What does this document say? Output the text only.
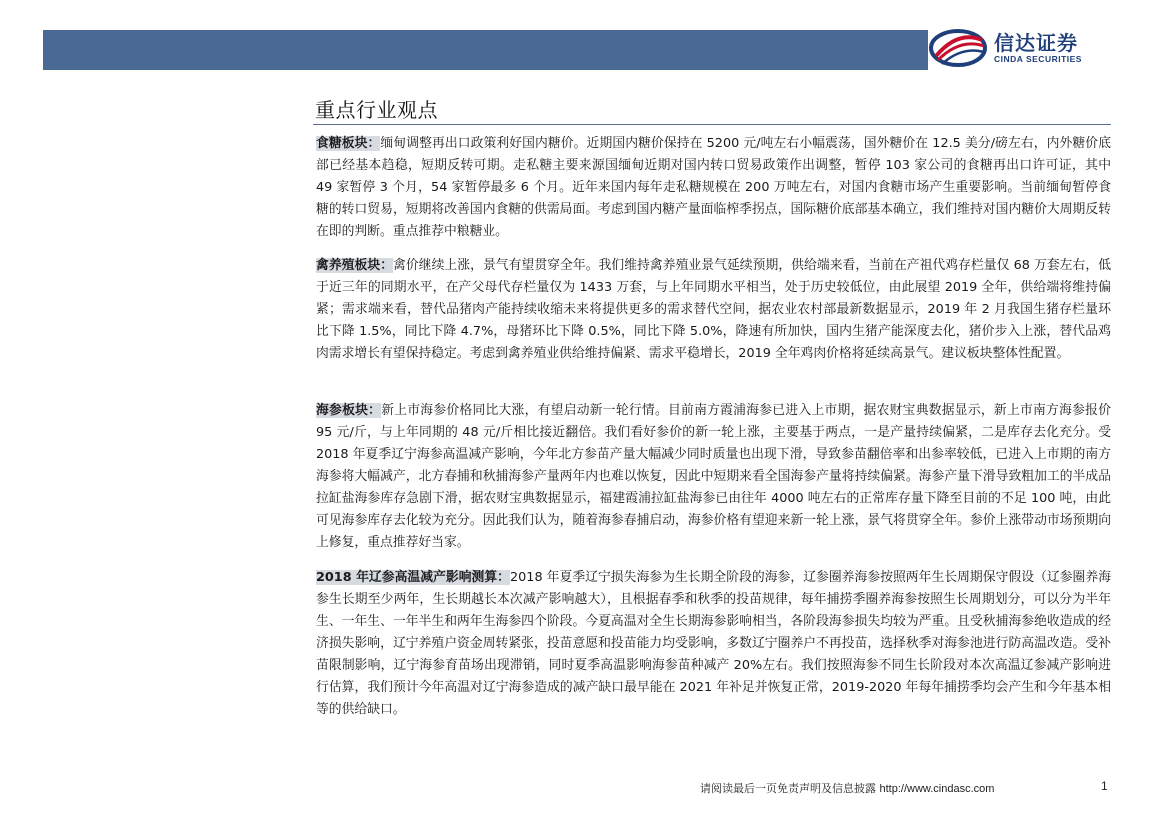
信达证券
CINDA SECURITIES
重点行业观点
食糖板块：缅甸调整再出口政策利好国内糖价。近期国内糖价保持在 5200 元/吨左右小幅震荡，国外糖价在 12.5 美分/磅左右，内外糖价底部已经基本趋稳，短期反转可期。走私糖主要来源国缅甸近期对国内转口贸易政策作出调整，暂停 103 家公司的食糖再出口许可证，其中 49 家暂停 3 个月，54 家暂停最多 6 个月。近年来国内每年走私糖规模在 200 万吨左右，对国内食糖市场产生重要影响。当前缅甸暂停食糖的转口贸易，短期将改善国内食糖的供需局面。考虑到国内糖产量面临榨季拐点，国际糖价底部基本确立，我们维持对国内糖价大周期反转在即的判断。重点推荐中粮糖业。
禽养殖板块：禽价继续上涨，景气有望贯穿全年。我们维持禽养殖业景气延续预期，供给端来看，当前在产祖代鸡存栏量仅 68 万套左右，低于近三年的同期水平，在产父母代存栏量仅为 1433 万套，与上年同期水平相当，处于历史较低位，由此展望 2019 全年，供给端将维持偏紧；需求端来看，替代品猪肉产能持续收缩未来将提供更多的需求替代空间，据农业农村部最新数据显示，2019 年 2 月我国生猪存栏量环比下降 1.5%，同比下降 4.7%，母猪环比下降 0.5%，同比下降 5.0%，降速有所加快，国内生猪产能深度去化，猪价步入上涨，替代品鸡肉需求增长有望保持稳定。考虑到禽养殖业供给维持偏紧、需求平稳增长，2019 全年鸡肉价格将延续高景气。建议板块整体性配置。
海参板块：新上市海参价格同比大涨，有望启动新一轮行情。目前南方霞浦海参已进入上市期，据农财宝典数据显示，新上市南方海参报价 95 元/斤，与上年同期的 48 元/斤相比接近翻倍。我们看好参价的新一轮上涨，主要基于两点，一是产量持续偏紧，二是库存去化充分。受 2018 年夏季辽宁海参高温减产影响，今年北方参苗产量大幅减少同时质量也出现下滑，导致参苗翻倍率和出参率较低，已进入上市期的南方海参将大幅减产，北方春捕和秋捕海参产量两年内也难以恢复，因此中短期来看全国海参产量将持续偏紧。海参产量下滑导致粗加工的半成品拉缸盐海参库存急剧下滑，据农财宝典数据显示，福建霞浦拉缸盐海参已由往年 4000 吨左右的正常库存量下降至目前的不足 100 吨，由此可见海参库存去化较为充分。因此我们认为，随着海参春捕启动，海参价格有望迎来新一轮上涨，景气将贯穿全年。参价上涨带动市场预期向上修复，重点推荐好当家。
2018 年辽参高温减产影响测算：2018 年夏季辽宁损失海参为生长期全阶段的海参，辽参圈养海参按照两年生长周期保守假设（辽参圈养海参生长期至少两年，生长期越长本次减产影响越大），且根据春季和秋季的投苗规律，每年捕捞季圈养海参按照生长周期划分，可以分为半年生、一年生、一年半生和两年生海参四个阶段。今夏高温对全生长期海参影响相当，各阶段海参损失均较为严重。且受秋捕海参绝收造成的经济损失影响，辽宁养殖户资金周转紧张，投苗意愿和投苗能力均受影响，多数辽宁圈养户不再投苗，选择秋季对海参池进行防高温改造。受补苗限制影响，辽宁海参育苗场出现滞销，同时夏季高温影响海参苗种减产 20%左右。我们按照海参不同生长阶段对本次高温辽参减产影响进行估算，我们预计今年高温对辽宁海参造成的减产缺口最早能在 2021 年补足并恢复正常，2019-2020 年每年捕捞季均会产生和今年基本相等的供给缺口。
请阅读最后一页免责声明及信息披露 http://www.cindasc.com	1
